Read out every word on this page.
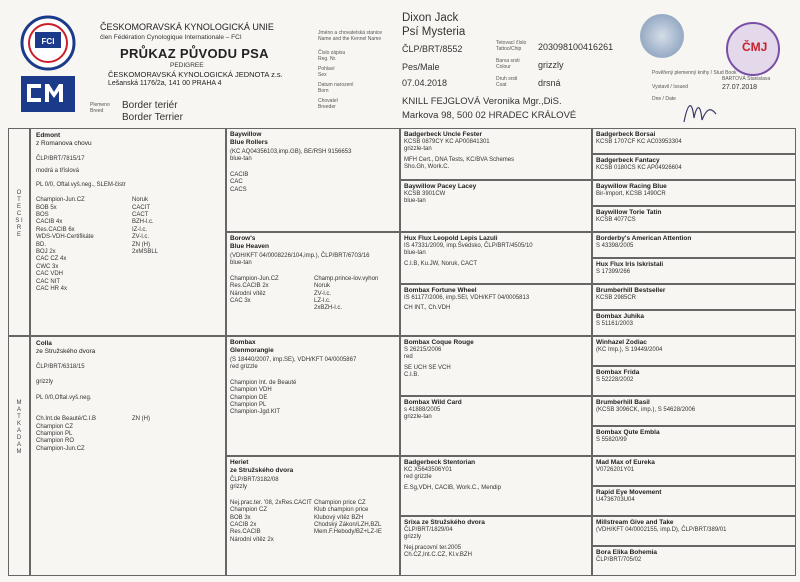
FCI
ČESKOMORAVSKÁ KYNOLOGICKÁ UNIE
člen Fédération Cynologique Internationale – FCI
PRŮKAZ PŮVODU PSA
PEDIGREE
ČESKOMORAVSKÁ KYNOLOGICKÁ JEDNOTA z.s.
Lešanská 1176/2a, 141 00 PRAHA 4
Plemeno
Breed	Border teriér
Border Terrier
Jméno a chovatelská stanice
Name and the Kennel Name
Číslo zápisu
Reg. Nr.
Pohlaví
Sex
Datum narození
Born
Chovatel
Breeder
Dixon Jack
Psí Mysteria
ČLP/BRT/8552
Pes/Male
07.04.2018
KNILL FEJGLOVÁ Veronika Mgr.,DiS.
Markova 98, 500 02 HRADEC KRÁLOVÉ
Tetovací číslo
Tattoo/Chip
Barva srsti
Colour
Druh srsti
Coat
203098100416261
grizzly
drsná
ČMJ
Pověřený plemenný knihy / Stud Book
BARTOVÁ Stanislava
Vystavil / Issued	27.07.2018
Dne / Date
O T E C S I R E
M A T K A D A M
Edmont
z Romanova chovu
ČLP/BRT/7815/17
modrá a tříslová
PL 0/0, Oftal.vyš.neg., SLEM-čistr
Champion-Jun.CZ
BOB 5x
BOS
CACIB 4x
Res.CACIB 6x
WDS-VDH-Certifikáte
BD.
BOJ 2x
CAC CZ 4x
CWC 3x
CAC VDH
CAC NIT
CAC HR 4x
Noruk
CACIT
CACT
BZH-l.c.
IZ-l.c.
ZV-l.c.
ZN (H)
2xMSBLL
Colla
ze Stružského dvora
ČLP/BRT/6318/15
grizzly
PL 0/0,Oftal.vyš.neg.
Ch.Int.de Beauté/C.I.B
Champion CZ
Champion PL
Champion RO
Champion-Jun.CZ
ZN (H)
Baywillow
Blue Rollers
(KC AQ04356103,imp.GB), BE/RSH 9156653
blue-tan
CACIB
CAC
CACS
Borow's
Blue Heaven
(VDH/KFT 04/0008226/104,imp.), ČLP/BRT/6703/16
blue-tan
Champion-Jun.CZ
Res.CACIB 2x
Národní vítěz
CAC 3x
Champ.prince-lov.vyhon
Noruk
ZV-l.c.
LZ-l.c.
2xBZH-l.c.
Bombax
Glenmorangie
(S 18440/2007, imp.SE), VDH/KFT 04/0005867
red grizzle
Champion Int. de Beauté
Champion VDH
Champion DE
Champion PL
Champion-Jgd.KIT
Heriet
ze Stružského dvora
ČLP/BRT/3182/08
grizzly
Nej.prac.ter. '08, 2xRes.CACIT
Champion CZ
BOB 3x
CACIB 2x
Res.CACIB
Národní vítěz 2x
Champion price CZ
Klub champion price
Klubový vítěz BZH
Chodský Zákon/LZH,BZL
Mem.F.Hebody/BZ+LZ-IE
Badgerbeck Uncle Fester
KCSB 0879CY KC AP00841301
grizzle-tan
MFH Cert., DNA Tests, KC/BVA Schemes
Sho.Gh, Work.C.
Baywillow Pacey Lacey
KCSB 3901CW
blue-tan
Hux Flux Leopold Lepis Lazuli
IS 47331/2009, imp.Švédsko, ČLP/BRT/4505/10
blue-tan
C.I.B, Ku.JW, Noruk, CACT
Bombax Fortune Wheel
IS 61177/2006, imp.SEI, VDH/KFT 04/0005813
CH INT., Ch.VDH
Bombax Coque Rouge
S 26215/2006
red
SE UCH SE VCH
C.I.B.
Bombax Wild Card
s 41888/2005
grizzle-tan
Badgerbeck Stentorian
KC X5643506Y01
red grizzle
E.Sg,VDH, CACIB, Work.C., Mendip
Srixa ze Stružského dvora
ČLP/BRT/1829/04
grizzly
Nej.pracovní ter.2005
Ch.CZ,Int.C.CZ, Kl.v.BZH
Badgerbeck Borsai
KCSB 1707CF KC AC03953304
Badgerbeck Fantacy
KCSB 0180CS KC AP04926604
Baywillow Racing Blue
Bir-Import, KCSB 1490CR
Baywillow Torie Tatin
KCSB 4077CS
Borderby's American Attention
S 43398/2005
Hux Flux Iris Iskristali
S 17399/266
Brumberhill Bestseller
KCSB 2985CR
Bombax Juhika
S 51161/2003
Winhazel Zodiac
(KC Imp.), S 19449/2004
Bombax Frida
S 52228/2002
Brumberhill Basil
(KCSB 3096CK, imp.), S 54628/2006
Bombax Qute Embla
S 55820/99
Mad Max of Eureka
V0726201Y01
Rapid Eye Movement
U4736703U04
Millstream Give and Take
(VDH/KFT 04/0002155, imp.D), ČLP/BRT/389/01
Bora Elika Bohemia
ČLP/BRT/705/02
